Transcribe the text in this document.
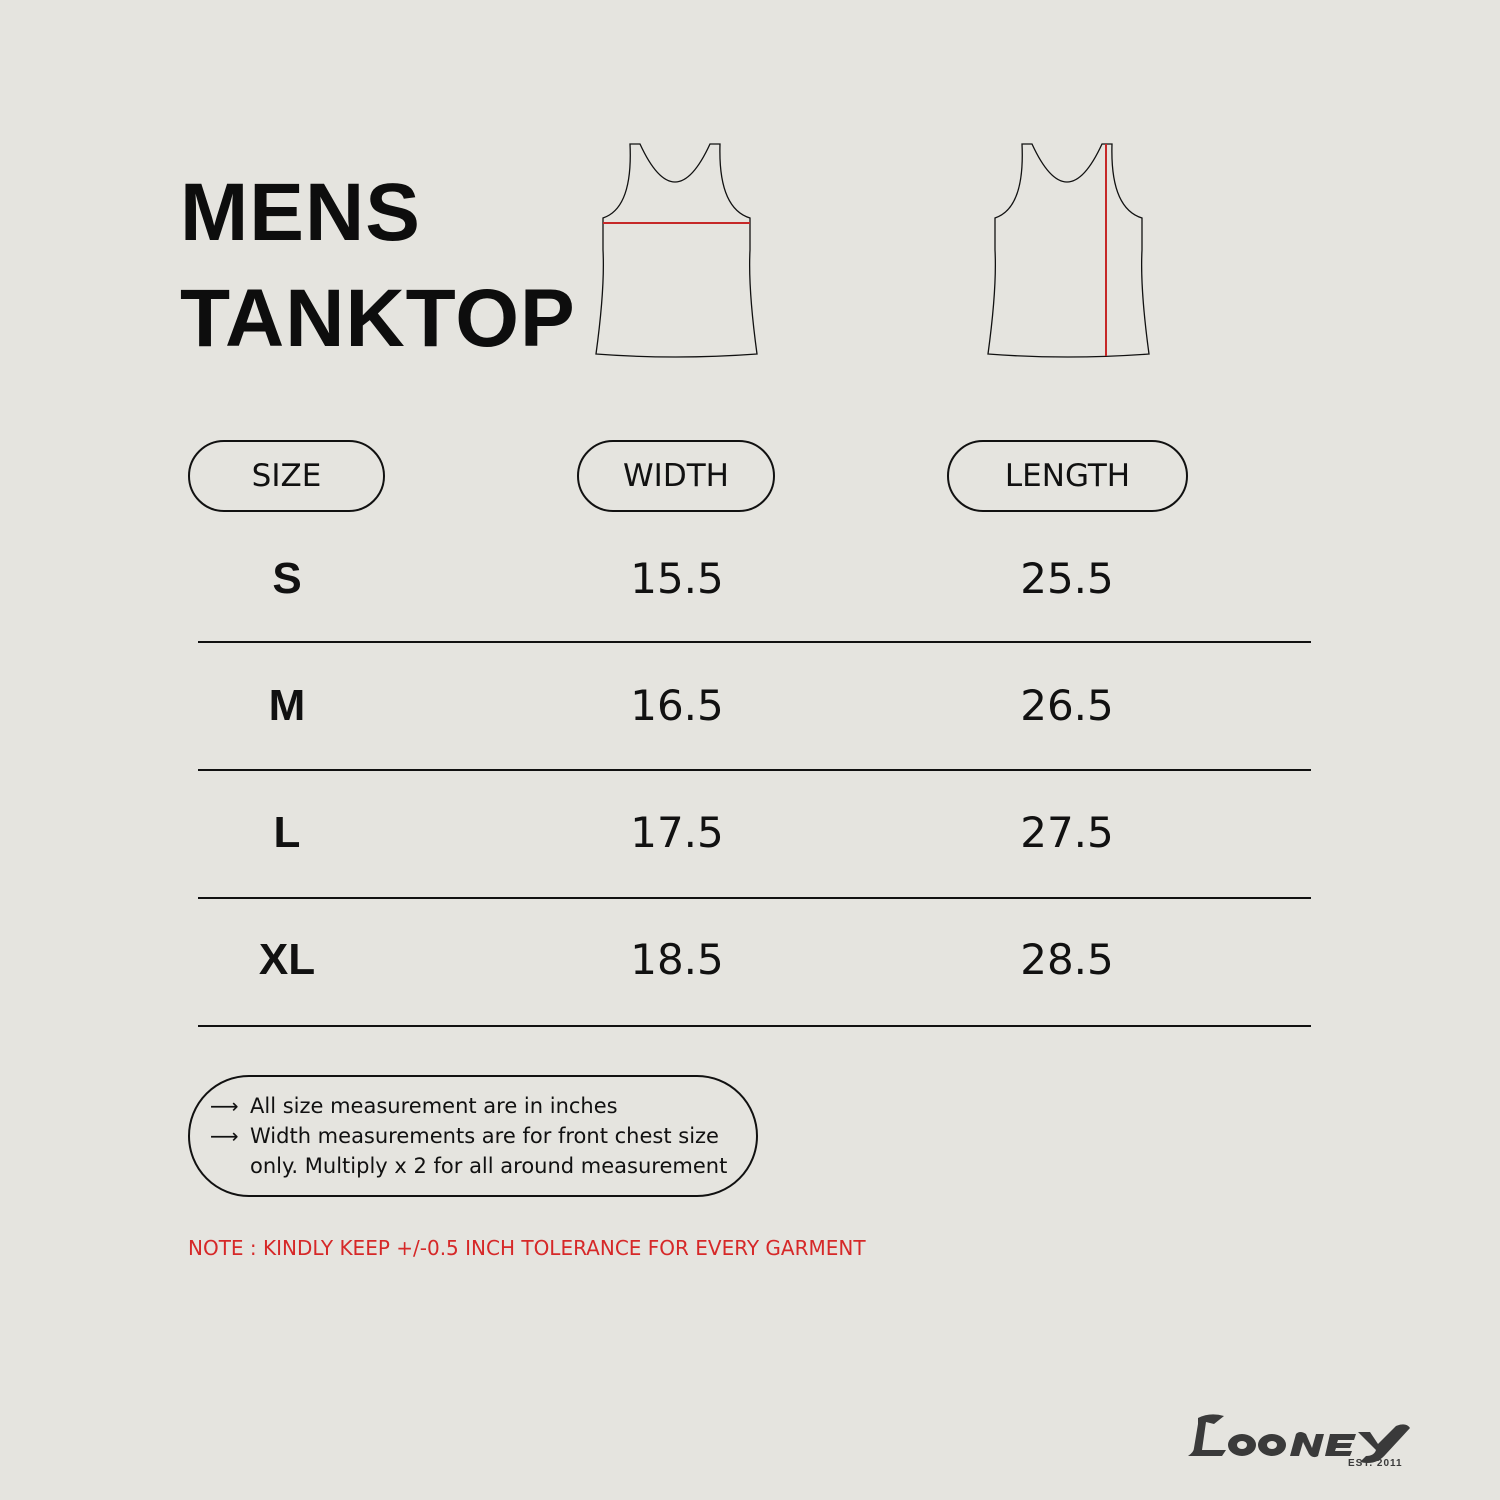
MENS
TANKTOP
SIZE	WIDTH	LENGTH
S	15.5	25.5
M	16.5	26.5
L	17.5	27.5
XL	18.5	28.5
⟶ All size measurement are in inches
⟶ Width measurements are for front chest size
only. Multiply x 2 for all around measurement
NOTE : KINDLY KEEP +/-0.5 INCH TOLERANCE FOR EVERY GARMENT
EST. 2011
